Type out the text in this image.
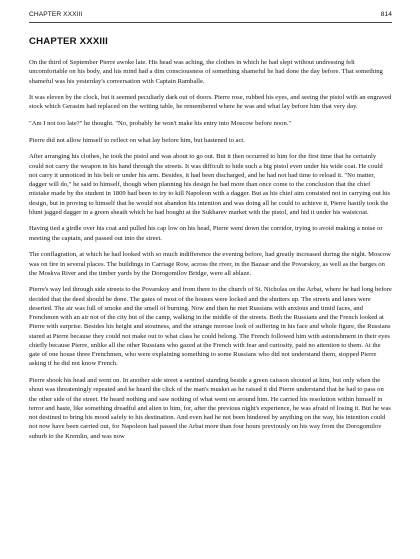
CHAPTER XXXIII	814
CHAPTER XXXIII

On the third of September Pierre awoke late. His head was aching, the clothes in which he had slept without undressing felt uncomfortable on his body, and his mind had a dim consciousness of something shameful he had done the day before. That something shameful was his yesterday's conversation with Captain Ramballe.

It was eleven by the clock, but it seemed peculiarly dark out of doors. Pierre rose, rubbed his eyes, and seeing the pistol with an engraved stock which Gerasim had replaced on the writing table, he remembered where he was and what lay before him that very day.

"Am I not too late?" he thought. "No, probably he won't make his entry into Moscow before noon."

Pierre did not allow himself to reflect on what lay before him, but hastened to act.

After arranging his clothes, he took the pistol and was about to go out. But it then occurred to him for the first time that he certainly could not carry the weapon in his hand through the streets. It was difficult to hide such a big pistol even under his wide coat. He could not carry it unnoticed in his belt or under his arm. Besides, it had been discharged, and he had not had time to reload it. "No matter, dagger will do," he said to himself, though when planning his design he had more than once come to the conclusion that the chief mistake made by the student in 1809 had been to try to kill Napoleon with a dagger. But as his chief aim consisted not in carrying out his design, but in proving to himself that he would not abandon his intention and was doing all he could to achieve it, Pierre hastily took the blunt jagged dagger in a green sheath which he had bought at the Sukharev market with the pistol, and hid it under his waistcoat.

Having tied a girdle over his coat and pulled his cap low on his head, Pierre went down the corridor, trying to avoid making a noise or meeting the captain, and passed out into the street.

The conflagration, at which he had looked with so much indifference the evening before, had greatly increased during the night. Moscow was on fire in several places. The buildings in Carriage Row, across the river, in the Bazaar and the Povarskoy, as well as the barges on the Moskva River and the timber yards by the Dorogomilov Bridge, were all ablaze.

Pierre's way led through side streets to the Povarskoy and from there to the church of St. Nicholas on the Arbat, where he had long before decided that the deed should be done. The gates of most of the houses were locked and the shutters up. The streets and lanes were deserted. The air was full of smoke and the smell of burning. Now and then he met Russians with anxious and timid faces, and Frenchmen with an air not of the city but of the camp, walking in the middle of the streets. Both the Russians and the French looked at Pierre with surprise. Besides his height and stoutness, and the strange morose look of suffering in his face and whole figure, the Russians stared at Pierre because they could not make out to what class he could belong. The French followed him with astonishment in their eyes chiefly because Pierre, unlike all the other Russians who gazed at the French with fear and curiosity, paid no attention to them. At the gate of one house three Frenchmen, who were explaining something to some Russians who did not understand them, stopped Pierre asking if he did not know French.

Pierre shook his head and went on. In another side street a sentinel standing beside a green caisson shouted at him, but only when the shout was threateningly repeated and he heard the click of the man's musket as he raised it did Pierre understand that he had to pass on the other side of the street. He heard nothing and saw nothing of what went on around him. He carried his resolution within himself in terror and haste, like something dreadful and alien to him, for, after the previous night's experience, he was afraid of losing it. But he was not destined to bring his mood safely to his destination. And even had he not been hindered by anything on the way, his intention could not now have been carried out, for Napoleon had passed the Arbat more than four hours previously on his way from the Dorogomilov suburb to the Kremlin, and was now
